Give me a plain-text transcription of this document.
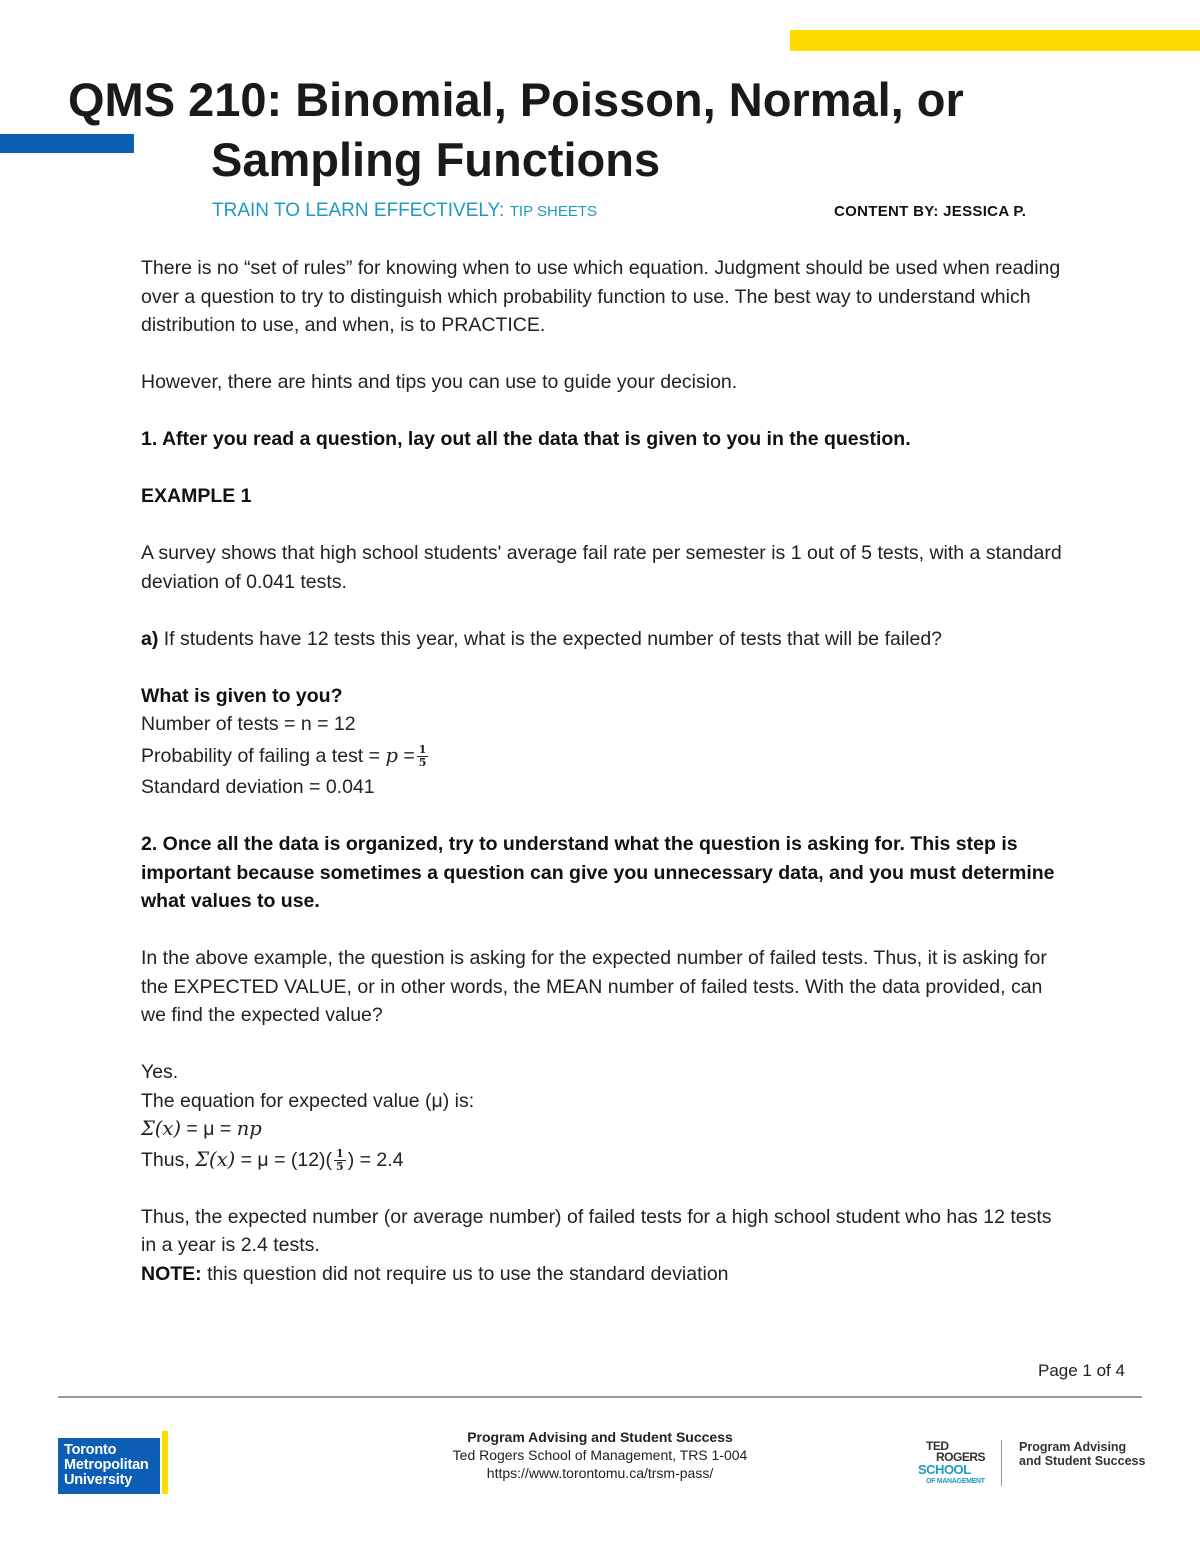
QMS 210: Binomial, Poisson, Normal, or
Sampling Functions
TRAIN TO LEARN EFFECTIVELY: TIP SHEETS	CONTENT BY: JESSICA P.

There is no “set of rules” for knowing when to use which equation. Judgment should be used when reading over a question to try to distinguish which probability function to use. The best way to understand which distribution to use, and when, is to PRACTICE.

However, there are hints and tips you can use to guide your decision.

1. After you read a question, lay out all the data that is given to you in the question.

EXAMPLE 1

A survey shows that high school students' average fail rate per semester is 1 out of 5 tests, with a standard deviation of 0.041 tests.

a) If students have 12 tests this year, what is the expected number of tests that will be failed?

What is given to you?

Number of tests = n = 12

Probability of failing a test = 𝑝 = $\frac{1}{5}$

Standard deviation = 0.041

2. Once all the data is organized, try to understand what the question is asking for. This step is important because sometimes a question can give you unnecessary data, and you must determine what values to use.

In the above example, the question is asking for the expected number of failed tests. Thus, it is asking for the EXPECTED VALUE, or in other words, the MEAN number of failed tests. With the data provided, can we find the expected value?

Yes.

The equation for expected value (μ) is:

Σ(𝑥) = μ = 𝑛𝑝

Thus, Σ(𝑥) = $\mu = (12)( \frac{1}{5}$ ) = 2.4

Thus, the expected number (or average number) of failed tests for a high school student who has 12 tests in a year is 2.4 tests.

NOTE: this question did not require us to use the standard deviation

Page 1 of 4
Toronto
Metropolitan
University
Program Advising and Student Success
Ted Rogers School of Management, TRS 1-004
https://www.torontomu.ca/trsm-pass/
TED
ROGERS
SCHOOL
OF MANAGEMENT
Program Advising
and Student Success
